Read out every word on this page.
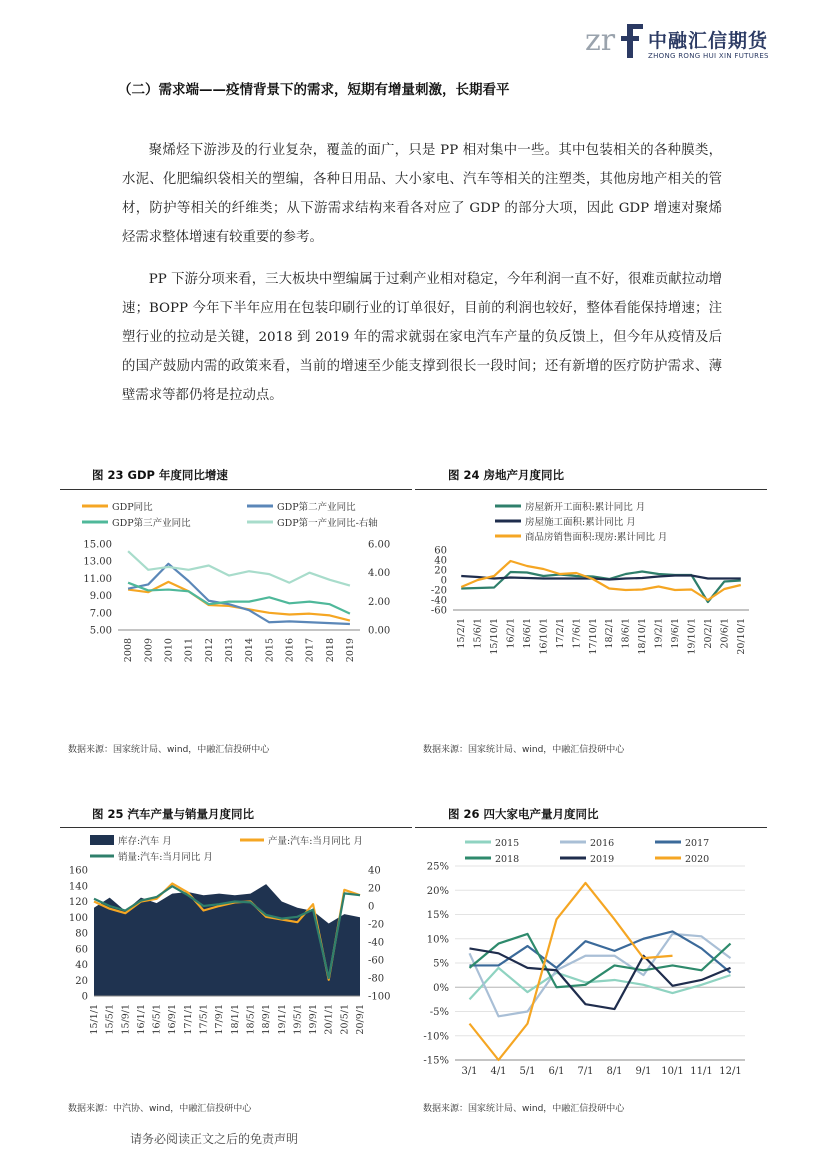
zr 中融汇信期货
ZHONG RONG HUI XIN FUTURES
（二）需求端——疫情背景下的需求，短期有增量刺激，长期看平

聚烯烃下游涉及的行业复杂，覆盖的面广，只是 PP 相对集中一些。其中包装相关的各种膜类，水泥、化肥编织袋相关的塑编，各种日用品、大小家电、汽车等相关的注塑类，其他房地产相关的管材，防护等相关的纤维类；从下游需求结构来看各对应了 GDP 的部分大项，因此 GDP 增速对聚烯烃需求整体增速有较重要的参考。

PP 下游分项来看，三大板块中塑编属于过剩产业相对稳定，今年利润一直不好，很难贡献拉动增速；BOPP 今年下半年应用在包装印刷行业的订单很好，目前的利润也较好，整体看能保持增速；注塑行业的拉动是关键，2018 到 2019 年的需求就弱在家电汽车产量的负反馈上，但今年从疫情及后的国产鼓励内需的政策来看，当前的增速至少能支撑到很长一段时间；还有新增的医疗防护需求、薄壁需求等都仍将是拉动点。

图 23 GDP 年度同比增速	图 24 房地产月度同比
图 25 汽车产量与销量月度同比	图 26 四大家电产量月度同比
GDP同比	GDP第二产业同比
GDP第三产业同比	GDP第一产业同比-右轴
5.00
7.00
9.00
11.00
13.00
15.00
0.00
2.00
4.00
6.00
2008 2009 2010 2011 2012 2013 2014 2015 2016 2017 2018 2019
房屋新开工面积:累计同比 月
房屋施工面积:累计同比 月
商品房销售面积:现房:累计同比 月
-60
-40
-20
0
20
40
60
15/2/1 15/6/1 15/10/1 16/2/1 16/6/1 16/10/1 17/2/1 17/6/1 17/10/1 18/2/1 18/6/1 18/10/1 19/2/1 19/6/1 19/10/1 20/2/1 20/6/1 20/10/1
库存:汽车 月	产量:汽车:当月同比 月
销量:汽车:当月同比 月
0
20
40
60
80
100
120
140
160
-100
-80
-60
-40
-20
0
20
40
15/1/1 15/5/1 15/9/1 16/1/1 16/5/1 16/9/1 17/1/1 17/5/1 17/9/1 18/1/1 18/5/1 18/9/1 19/1/1 19/5/1 19/9/1 20/1/1 20/5/1 20/9/1
2015	2016	2017
2018	2019	2020
-15%
-10%
-5%
0%
5%
10%
15%
20%
25%
3/1 4/1 5/1 6/1 7/1 8/1 9/1 10/1 11/1 12/1
数据来源：国家统计局、wind，中融汇信投研中心	数据来源：国家统计局、wind，中融汇信投研中心
数据来源：中汽协、wind，中融汇信投研中心	数据来源：国家统计局、wind，中融汇信投研中心
请务必阅读正文之后的免责声明
